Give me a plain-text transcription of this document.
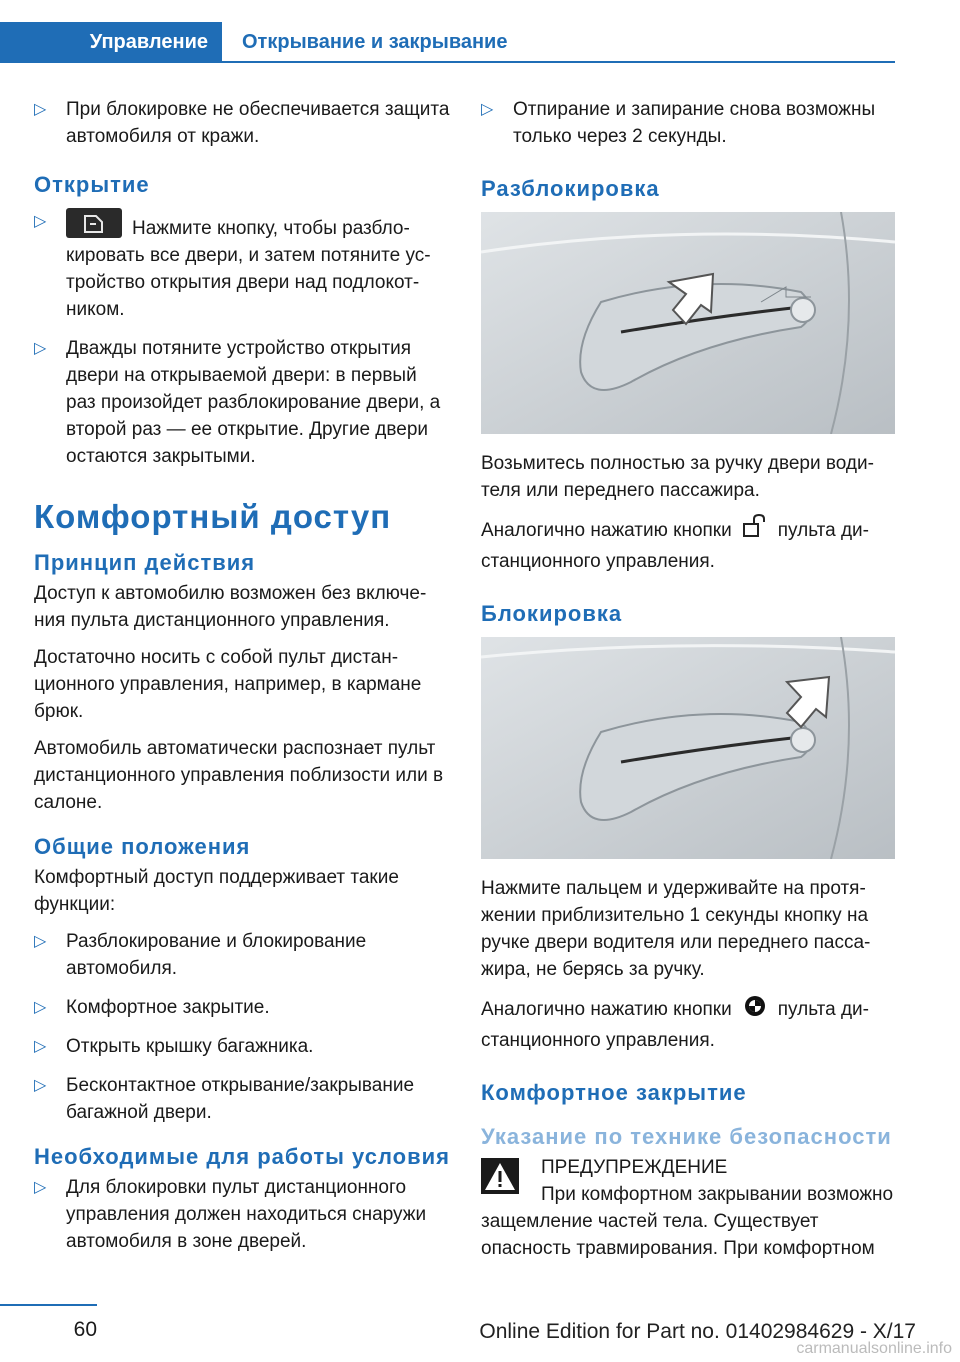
Управление	Открывание и закрывание
▷ При блокировке не обеспечивается защита автомобиля от кражи.
Открытие
▷	Нажмите кнопку, чтобы разблокировать все двери, и затем потяните устройство открытия двери над подлокотником.
▷ Дважды потяните устройство открытия двери на открываемой двери: в первый раз произойдет разблокирование двери, а второй раз — ее открытие. Другие двери остаются закрытыми.
Комфортный доступ
Принцип действия

Доступ к автомобилю возможен без включения пульта дистанционного управления.

Достаточно носить с собой пульт дистанционного управления, например, в кармане брюк.

Автомобиль автоматически распознает пульт дистанционного управления поблизости или в салоне.

Общие положения

Комфортный доступ поддерживает такие функции:

▷ Разблокирование и блокирование автомобиля.
▷ Комфортное закрытие.
▷ Открыть крышку багажника.
▷ Бесконтактное открывание/закрывание багажной двери.
Необходимые для работы условия
▷ Для блокировки пульт дистанционного управления должен находиться снаружи автомобиля в зоне дверей.
▷ Отпирание и запирание снова возможны только через 2 секунды.
Разблокировка

Возьмитесь полностью за ручку двери водителя или переднего пассажира.

Аналогично нажатию кнопки пульта дистанционного управления.

Блокировка

Нажмите пальцем и удерживайте на протяжении приблизительно 1 секунды кнопку на ручке двери водителя или переднего пассажира, не берясь за ручку.

Аналогично нажатию кнопки пульта дистанционного управления.

Комфортное закрытие
Указание по технике безопасности

ПРЕДУПРЕЖДЕНИЕ

При комфортном закрывании возможно защемление частей тела. Существует опасность травмирования. При комфортном

60	Online Edition for Part no. 01402984629 - X/17
carmanualsonline.info
